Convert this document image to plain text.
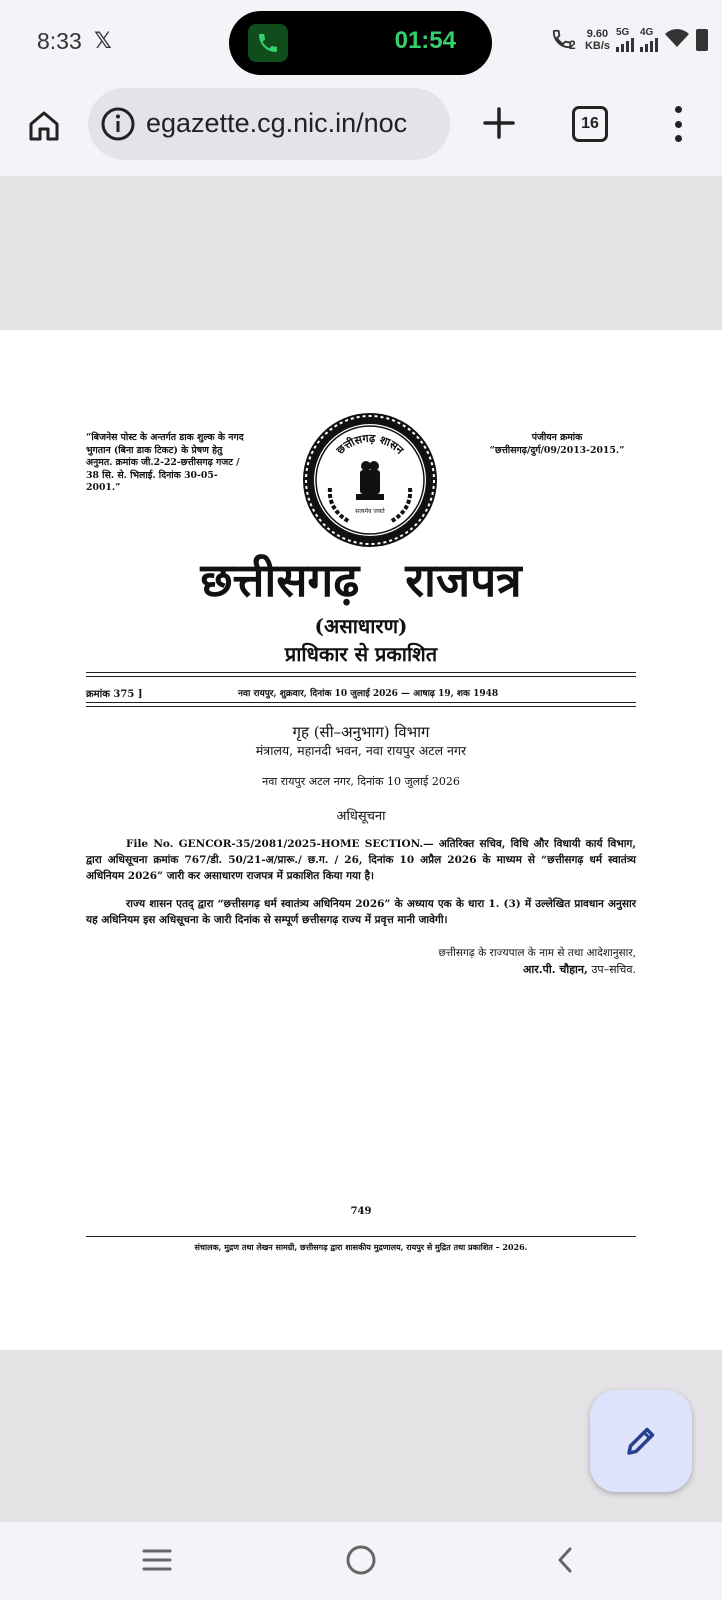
8:33 𝕏	01:54	2
9.60
KB/s
5G 4G
egazette.cg.nic.in/noc	16
“बिजनेस पोस्ट के अन्तर्गत डाक शुल्क के नगद भुगतान (बिना डाक टिकट) के प्रेषण हेतु अनुमत. क्रमांक जी.2-22-छत्तीसगढ़ गजट / 38 सि. से. भिलाई. दिनांक 30-05-2001.”
पंजीयन क्रमांक
“छत्तीसगढ़/दुर्ग/09/2013-2015.”
छत्तीसगढ़ शासन
सत्यमेव जयते
छत्तीसगढ़ राजपत्र
(असाधारण)
प्राधिकार से प्रकाशित
क्रमांक 375 ]	नवा रायपुर, शुक्रवार, दिनांक 10 जुलाई 2026 — आषाढ़ 19, शक 1948
गृह (सी–अनुभाग) विभाग
मंत्रालय, महानदी भवन, नवा रायपुर अटल नगर
नवा रायपुर अटल नगर, दिनांक 10 जुलाई 2026
अधिसूचना
File No. GENCOR-35/2081/2025-HOME SECTION.— अतिरिक्त सचिव, विधि और विधायी कार्य विभाग, द्वारा अधिसूचना क्रमांक 767/डी. 50/21-अ/प्रारू./ छ.ग. / 26, दिनांक 10 अप्रैल 2026 के माध्यम से “छत्तीसगढ़ धर्म स्वातंत्र्य अधिनियम 2026” जारी कर असाधारण राजपत्र में प्रकाशित किया गया है।
राज्य शासन एतद् द्वारा “छत्तीसगढ़ धर्म स्वातंत्र्य अधिनियम 2026” के अध्याय एक के धारा 1. (3) में उल्लेखित प्रावधान अनुसार यह अधिनियम इस अधिसूचना के जारी दिनांक से सम्पूर्ण छत्तीसगढ़ राज्य में प्रवृत्त मानी जावेगी।
छत्तीसगढ़ के राज्यपाल के नाम से तथा आदेशानुसार,
आर.पी. चौहान, उप–सचिव.
749
संचालक, मुद्रण तथा लेखन सामग्री, छत्तीसगढ़ द्वारा शासकीय मुद्रणालय, रायपुर से मुद्रित तथा प्रकाशित – 2026.
